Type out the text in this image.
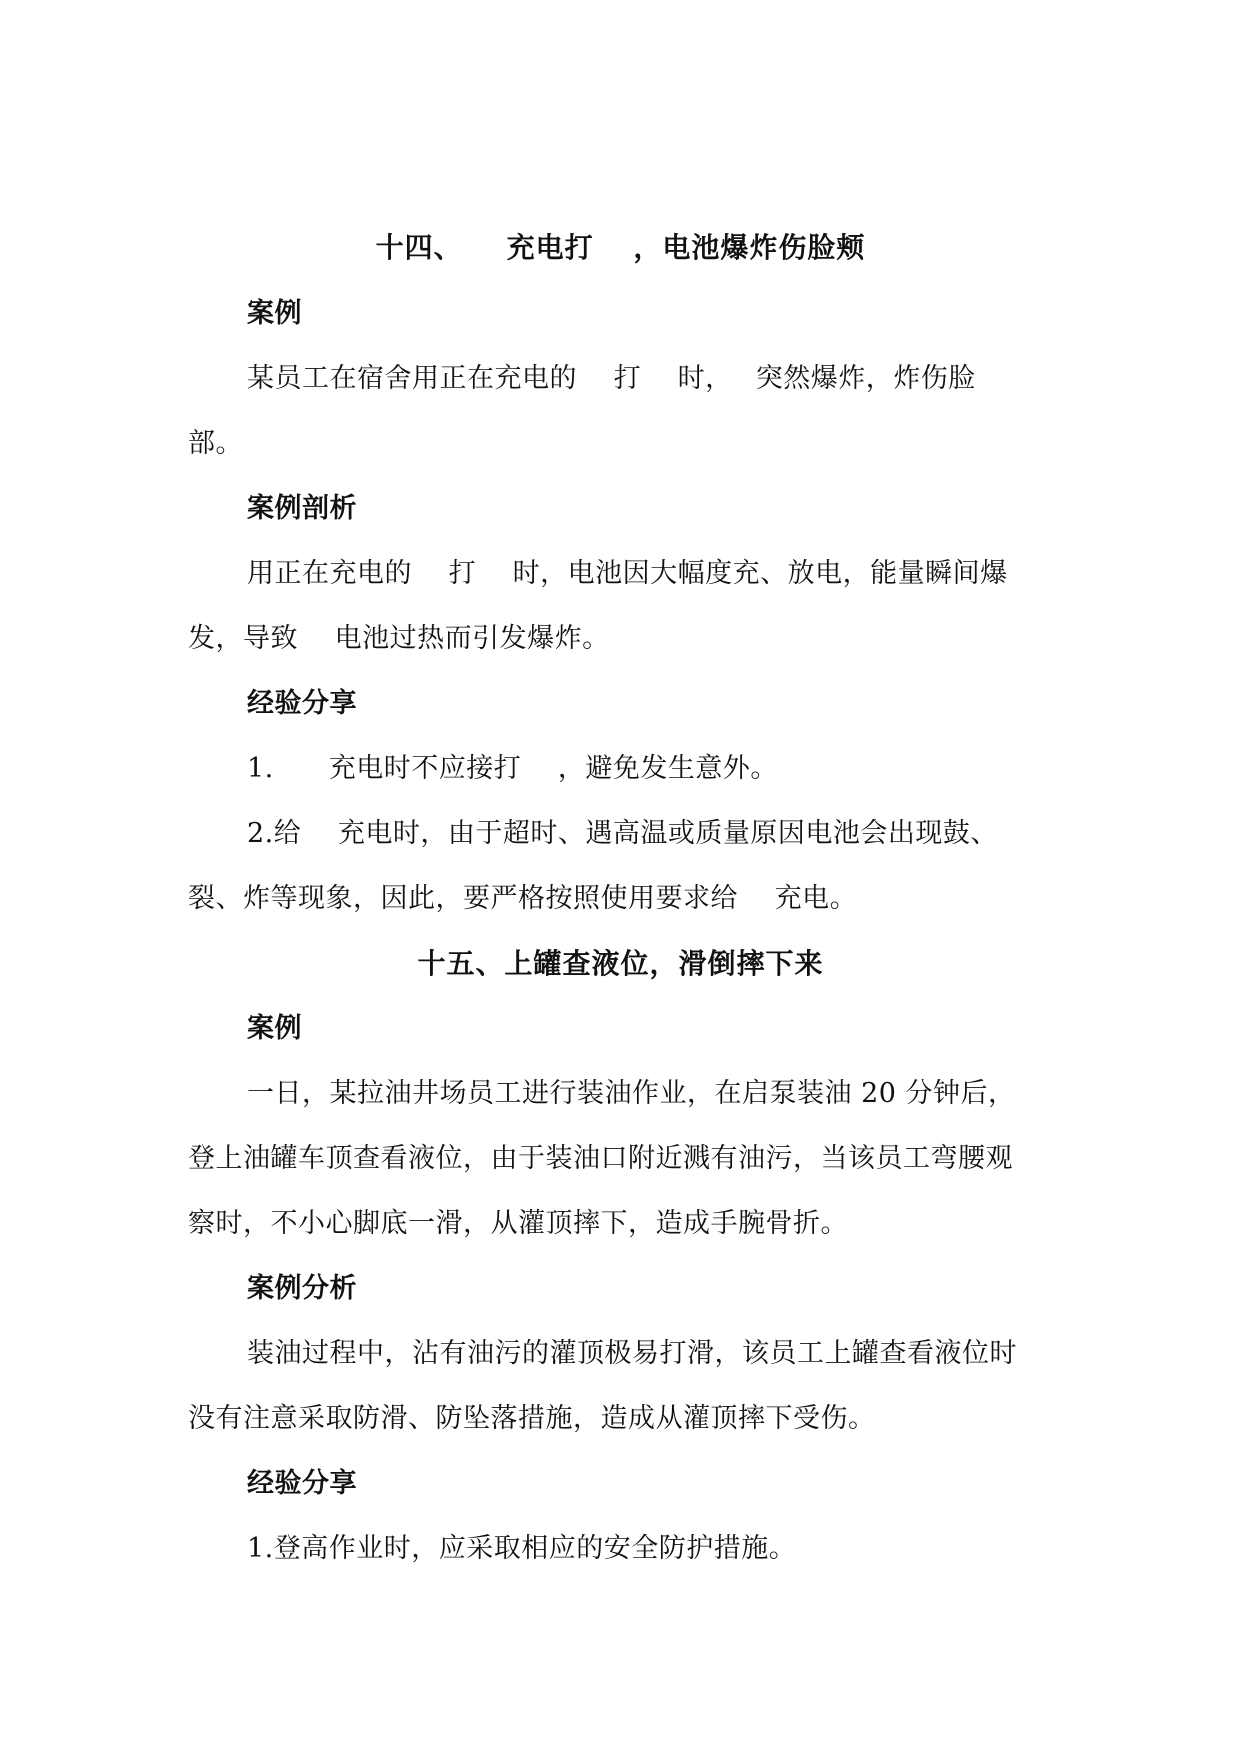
十四、　　充电打　 ，电池爆炸伤脸颊
案例
某员工在宿舍用正在充电的　 打　 时，　 突然爆炸，炸伤脸
部。
案例剖析
用正在充电的　 打　 时，电池因大幅度充、放电，能量瞬间爆
发，导致　 电池过热而引发爆炸。
经验分享
1.　　充电时不应接打　 ，避免发生意外。
2.给　 充电时，由于超时、遇高温或质量原因电池会出现鼓、
裂、炸等现象，因此，要严格按照使用要求给　 充电。
十五、上罐查液位，滑倒摔下来
案例
一日，某拉油井场员工进行装油作业，在启泵装油 20 分钟后，
登上油罐车顶查看液位，由于装油口附近溅有油污，当该员工弯腰观
察时，不小心脚底一滑，从灌顶摔下，造成手腕骨折。
案例分析
装油过程中，沾有油污的灌顶极易打滑，该员工上罐查看液位时
没有注意采取防滑、防坠落措施，造成从灌顶摔下受伤。
经验分享
1.登高作业时，应采取相应的安全防护措施。
